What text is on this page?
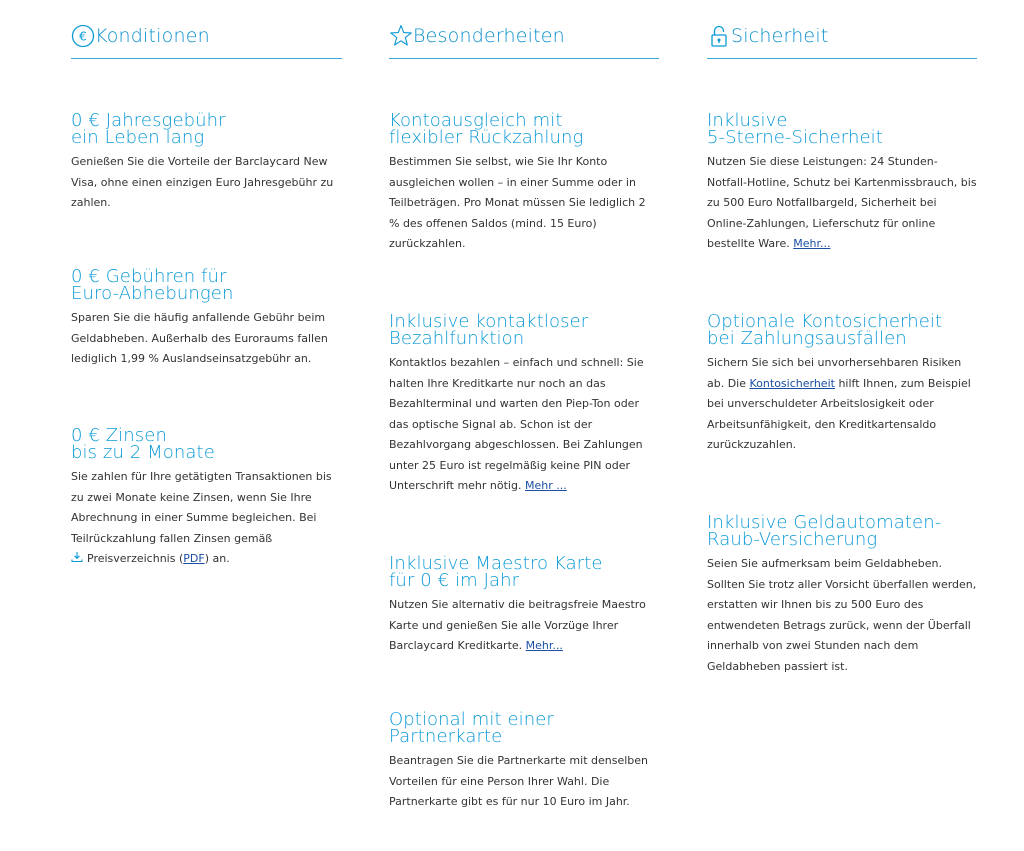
€ Konditionen
0 € Jahresgebühr
ein Leben lang

Genießen Sie die Vorteile der Barclaycard New Visa, ohne einen einzigen Euro Jahresgebühr zu zahlen.

0 € Gebühren für
Euro-Abhebungen

Sparen Sie die häufig anfallende Gebühr beim Geldabheben. Außerhalb des Euroraums fallen lediglich 1,99 % Auslandseinsatzgebühr an.

0 € Zinsen
bis zu 2 Monate

Sie zahlen für Ihre getätigten Transaktionen bis zu zwei Monate keine Zinsen, wenn Sie Ihre Abrechnung in einer Summe begleichen. Bei Teilrückzahlung fallen Zinsen gemäß
Preisverzeichnis (PDF) an.

Besonderheiten
Kontoausgleich mit
flexibler Rückzahlung

Bestimmen Sie selbst, wie Sie Ihr Konto ausgleichen wollen – in einer Summe oder in Teilbeträgen. Pro Monat müssen Sie lediglich 2 % des offenen Saldos (mind. 15 Euro) zurückzahlen.

Inklusive kontaktloser
Bezahlfunktion

Kontaktlos bezahlen – einfach und schnell: Sie halten Ihre Kreditkarte nur noch an das Bezahlterminal und warten den Piep-Ton oder das optische Signal ab. Schon ist der Bezahlvorgang abgeschlossen. Bei Zahlungen unter 25 Euro ist regelmäßig keine PIN oder Unterschrift mehr nötig. Mehr ...

Inklusive Maestro Karte
für 0 € im Jahr

Nutzen Sie alternativ die beitragsfreie Maestro Karte und genießen Sie alle Vorzüge Ihrer Barclaycard Kreditkarte. Mehr...

Optional mit einer
Partnerkarte

Beantragen Sie die Partnerkarte mit denselben Vorteilen für eine Person Ihrer Wahl. Die Partnerkarte gibt es für nur 10 Euro im Jahr.

Sicherheit
Inklusive
5-Sterne-Sicherheit

Nutzen Sie diese Leistungen: 24 Stunden-Notfall-Hotline, Schutz bei Kartenmissbrauch, bis zu 500 Euro Notfallbargeld, Sicherheit bei Online-Zahlungen, Lieferschutz für online bestellte Ware. Mehr...

Optionale Kontosicherheit
bei Zahlungsausfällen

Sichern Sie sich bei unvorhersehbaren Risiken ab. Die Kontosicherheit hilft Ihnen, zum Beispiel bei unverschuldeter Arbeitslosigkeit oder Arbeitsunfähigkeit, den Kreditkartensaldo zurückzuzahlen.

Inklusive Geldautomaten-
Raub-Versicherung

Seien Sie aufmerksam beim Geldabheben. Sollten Sie trotz aller Vorsicht überfallen werden, erstatten wir Ihnen bis zu 500 Euro des entwendeten Betrags zurück, wenn der Überfall innerhalb von zwei Stunden nach dem Geldabheben passiert ist.
